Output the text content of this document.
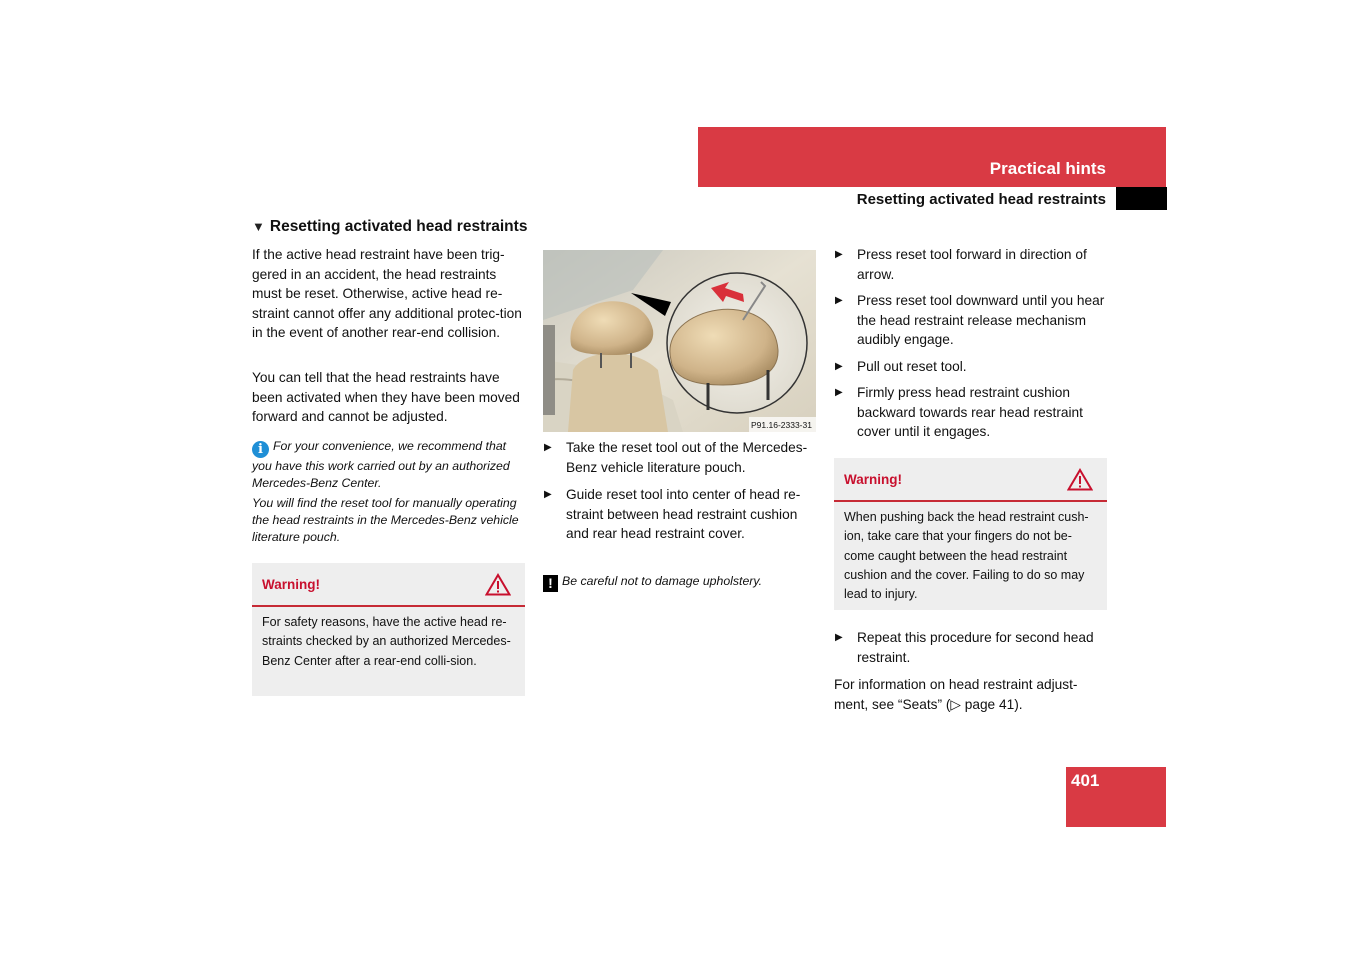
Practical hints
Resetting activated head restraints
▼ Resetting activated head restraints
If the active head restraint have been trig-gered in an accident, the head restraints must be reset. Otherwise, active head re-straint cannot offer any additional protec-tion in the event of another rear-end collision.
You can tell that the head restraints have been activated when they have been moved forward and cannot be adjusted.
i For your convenience, we recommend that you have this work carried out by an authorized Mercedes-Benz Center.
You will find the reset tool for manually operating the head restraints in the Mercedes-Benz vehicle literature pouch.
Warning!
For safety reasons, have the active head re-straints checked by an authorized Mercedes-Benz Center after a rear-end colli-sion.
P91.16-2333-31
▶	Take the reset tool out of the Mercedes-Benz vehicle literature pouch.
▶	Guide reset tool into center of head re-straint between head restraint cushion and rear head restraint cover.
! Be careful not to damage upholstery.
▶	Press reset tool forward in direction of arrow.
▶	Press reset tool downward until you hear the head restraint release mechanism audibly engage.
▶	Pull out reset tool.
▶	Firmly press head restraint cushion backward towards rear head restraint cover until it engages.
Warning!
When pushing back the head restraint cush-ion, take care that your fingers do not be-come caught between the head restraint cushion and the cover. Failing to do so may lead to injury.
▶	Repeat this procedure for second head restraint.
For information on head restraint adjust-ment, see “Seats” (▷ page 41).
401
